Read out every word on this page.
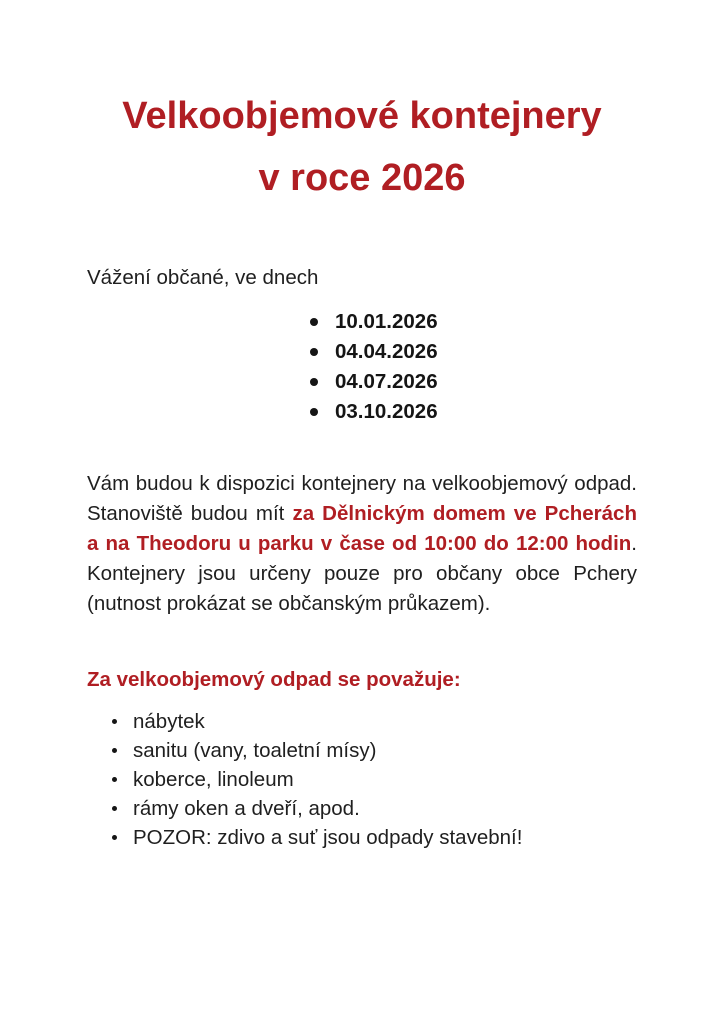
Velkoobjemové kontejnery
v roce 2026

Vážení občané, ve dnech

10.01.2026
04.04.2026
04.07.2026
03.10.2026

Vám budou k dispozici kontejnery na velkoobjemový odpad. Stanoviště budou mít za Dělnickým domem ve Pcherách a na Theodoru u parku v čase od 10:00 do 12:00 hodin. Kontejnery jsou určeny pouze pro občany obce Pchery (nutnost prokázat se občanským průkazem).

Za velkoobjemový odpad se považuje:
nábytek
sanitu (vany, toaletní mísy)
koberce, linoleum
rámy oken a dveří, apod.
POZOR: zdivo a suť jsou odpady stavební!
